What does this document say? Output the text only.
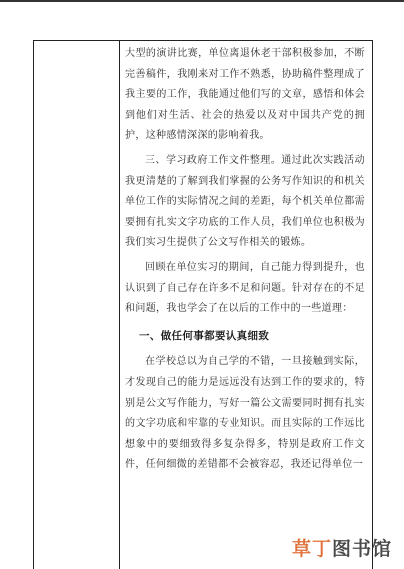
大型的演讲比赛，单位离退休老干部积极参加，不断完善稿件，我刚来对工作不熟悉，协助稿件整理成了我主要的工作，我能通过他们写的文章，感悟和体会到他们对生活、社会的热爱以及对中国共产党的拥护，这种感情深深的影响着我。

三、学习政府工作文件整理。通过此次实践活动我更清楚的了解到我们掌握的公务写作知识的和机关单位工作的实际情况之间的差距，每个机关单位都需要拥有扎实文字功底的工作人员，我们单位也积极为我们实习生提供了公文写作相关的锻炼。

回顾在单位实习的期间，自己能力得到提升，也认识到了自己存在许多不足和问题。针对存在的不足和问题，我也学会了在以后的工作中的一些道理：

一、做任何事都要认真细致

在学校总以为自己学的不错，一旦接触到实际，才发现自己的能力是远远没有达到工作的要求的，特别是公文写作能力，写好一篇公文需要同时拥有扎实的文字功底和牢靠的专业知识。而且实际的工作远比想象中的要细致得多复杂得多，特别是政府工作文件，任何细微的差错都不会被容忍，我还记得单位一

草丁图书馆
